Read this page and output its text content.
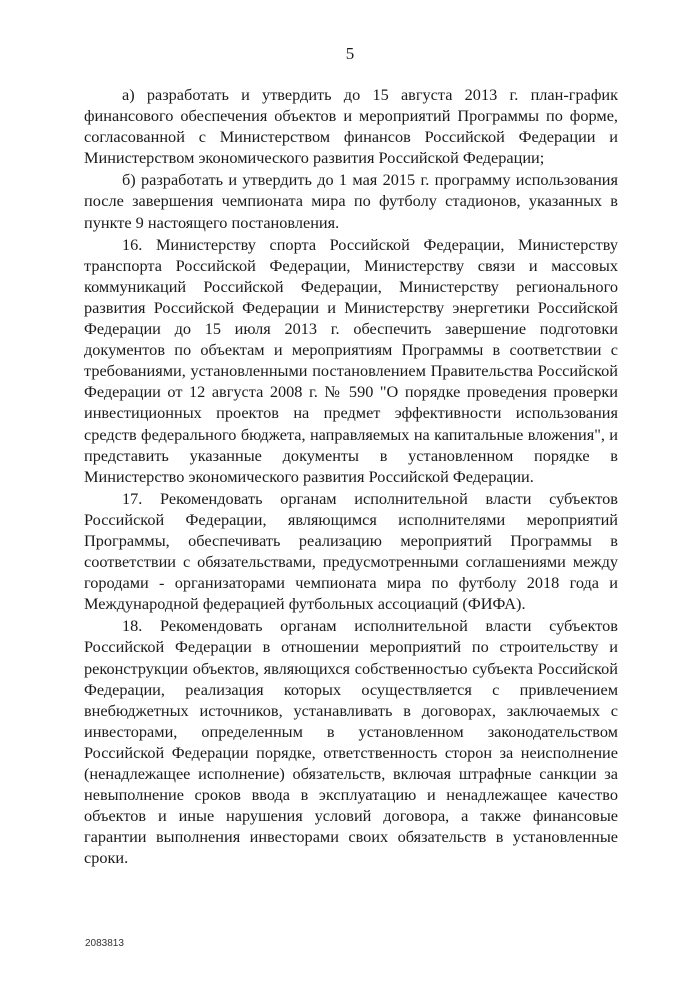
5

а) разработать и утвердить до 15 августа 2013 г. план-график финансового обеспечения объектов и мероприятий Программы по форме, согласованной с Министерством финансов Российской Федерации и Министерством экономического развития Российской Федерации;

б) разработать и утвердить до 1 мая 2015 г. программу использования после завершения чемпионата мира по футболу стадионов, указанных в пункте 9 настоящего постановления.

16. Министерству спорта Российской Федерации, Министерству транспорта Российской Федерации, Министерству связи и массовых коммуникаций Российской Федерации, Министерству регионального развития Российской Федерации и Министерству энергетики Российской Федерации до 15 июля 2013 г. обеспечить завершение подготовки документов по объектам и мероприятиям Программы в соответствии с требованиями, установленными постановлением Правительства Российской Федерации от 12 августа 2008 г. № 590 "О порядке проведения проверки инвестиционных проектов на предмет эффективности использования средств федерального бюджета, направляемых на капитальные вложения", и представить указанные документы в установленном порядке в Министерство экономического развития Российской Федерации.

17. Рекомендовать органам исполнительной власти субъектов Российской Федерации, являющимся исполнителями мероприятий Программы, обеспечивать реализацию мероприятий Программы в соответствии с обязательствами, предусмотренными соглашениями между городами - организаторами чемпионата мира по футболу 2018 года и Международной федерацией футбольных ассоциаций (ФИФА).

18. Рекомендовать органам исполнительной власти субъектов Российской Федерации в отношении мероприятий по строительству и реконструкции объектов, являющихся собственностью субъекта Российской Федерации, реализация которых осуществляется с привлечением внебюджетных источников, устанавливать в договорах, заключаемых с инвесторами, определенным в установленном законодательством Российской Федерации порядке, ответственность сторон за неисполнение (ненадлежащее исполнение) обязательств, включая штрафные санкции за невыполнение сроков ввода в эксплуатацию и ненадлежащее качество объектов и иные нарушения условий договора, а также финансовые гарантии выполнения инвесторами своих обязательств в установленные сроки.

2083813
